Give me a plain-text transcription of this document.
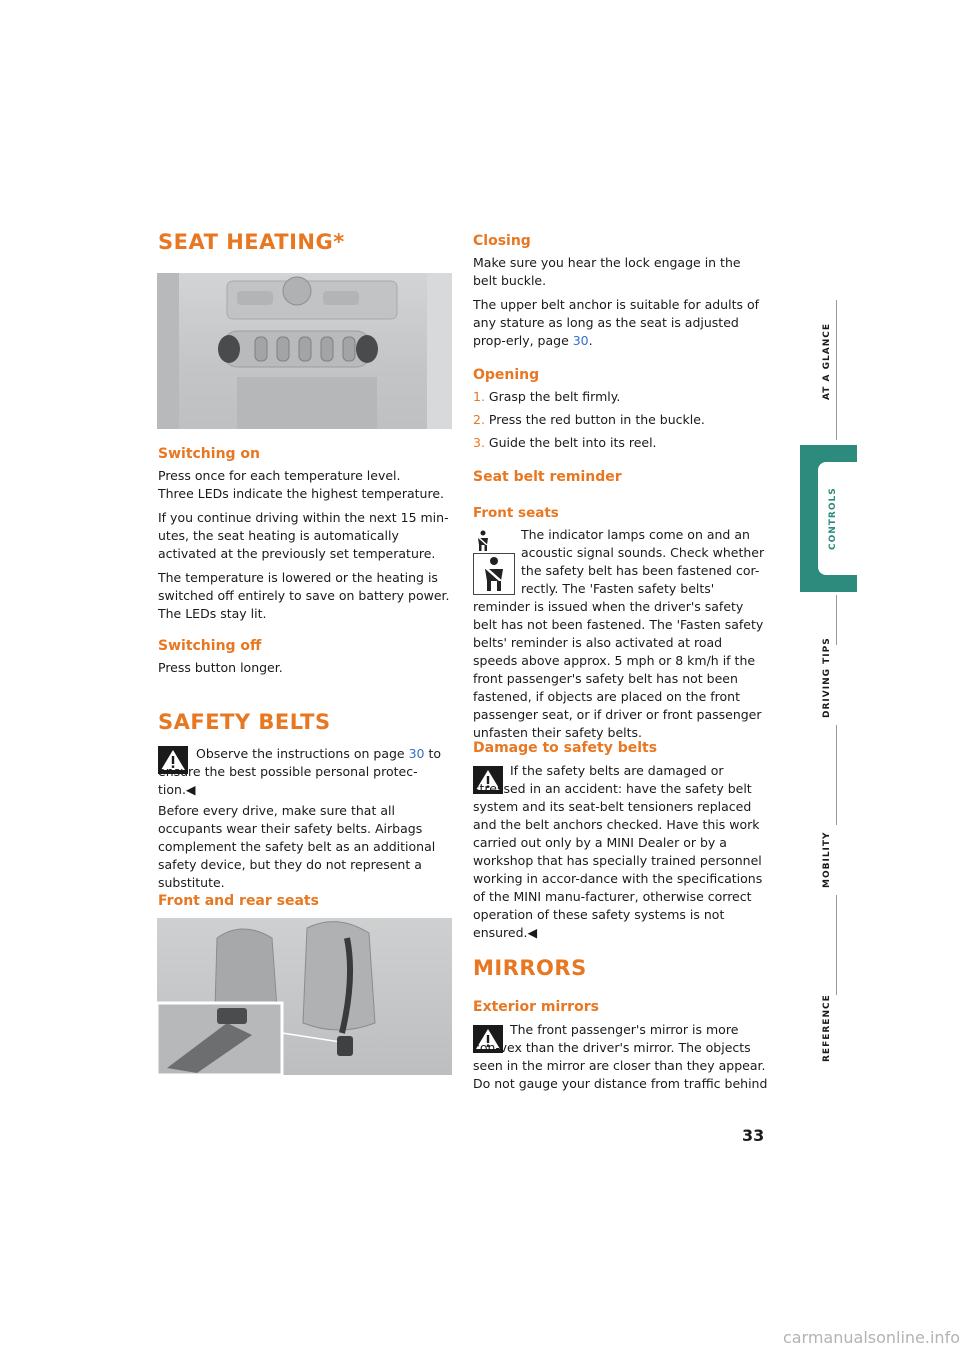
AT A GLANCE
CONTROLS
DRIVING TIPS
MOBILITY
REFERENCE
SEAT HEATING*
Switching on

Press once for each temperature level.

Three LEDs indicate the highest temperature.

If you continue driving within the next 15 min-utes, the seat heating is automatically activated at the previously set temperature.

The temperature is lowered or the heating is switched off entirely to save on battery power. The LEDs stay lit.

Switching off

Press button longer.

SAFETY BELTS

Observe the instructions on page 30 to ensure the best possible personal protec-tion.◀

Before every drive, make sure that all occupants wear their safety belts. Airbags complement the safety belt as an additional safety device, but they do not represent a substitute.

Front and rear seats
Closing

Make sure you hear the lock engage in the belt buckle.

The upper belt anchor is suitable for adults of any stature as long as the seat is adjusted prop-erly, page 30.

Opening
1. Grasp the belt firmly.
2. Press the red button in the buckle.
3. Guide the belt into its reel.
Seat belt reminder
Front seats

The indicator lamps come on and an acoustic signal sounds. Check whether the safety belt has been fastened cor-rectly. The 'Fasten safety belts' reminder is issued when the driver's safety belt has not been fastened. The 'Fasten safety belts' reminder is also activated at road speeds above approx. 5 mph or 8 km/h if the front passenger's safety belt has not been fastened, if objects are placed on the front passenger seat, or if driver or front passenger unfasten their safety belts.

Damage to safety belts

If the safety belts are damaged or stressed in an accident: have the safety belt system and its seat-belt tensioners replaced and the belt anchors checked. Have this work carried out only by a MINI Dealer or by a workshop that has specially trained personnel working in accor-dance with the specifications of the MINI manu-facturer, otherwise correct operation of these safety systems is not ensured.◀

MIRRORS
Exterior mirrors

The front passenger's mirror is more con-vex than the driver's mirror. The objects seen in the mirror are closer than they appear. Do not gauge your distance from traffic behind

33
carmanualsonline.info
